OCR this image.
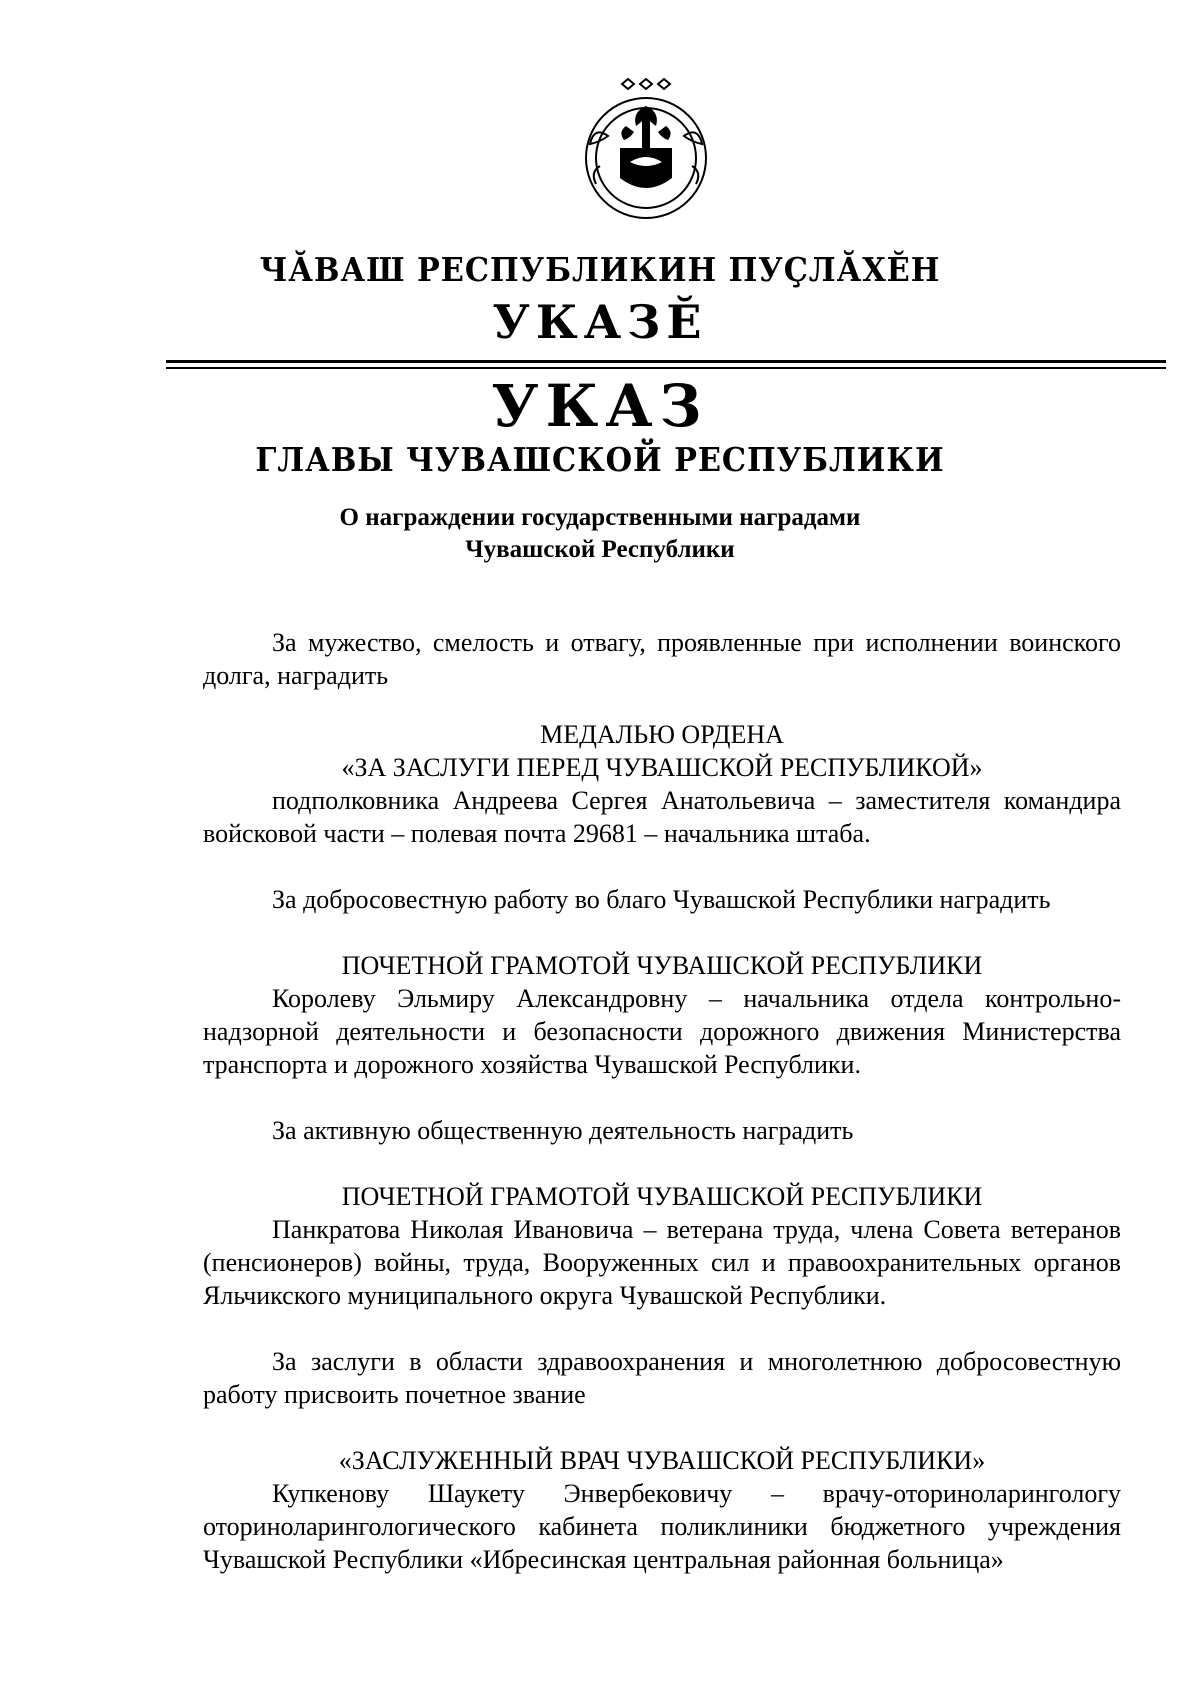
ЧӐВАШ РЕСПУБЛИКИН ПУҪЛӐХӖН
УКАЗӖ
УКАЗ
ГЛАВЫ ЧУВАШСКОЙ РЕСПУБЛИКИ
О награждении государственными наградами
Чувашской Республики

За мужество, смелость и отвагу, проявленные при исполнении воинского долга, наградить

МЕДАЛЬЮ ОРДЕНА

«ЗА ЗАСЛУГИ ПЕРЕД ЧУВАШСКОЙ РЕСПУБЛИКОЙ»

подполковника Андреева Сергея Анатольевича – заместителя командира войсковой части – полевая почта 29681 – начальника штаба.

За добросовестную работу во благо Чувашской Республики наградить

ПОЧЕТНОЙ ГРАМОТОЙ ЧУВАШСКОЙ РЕСПУБЛИКИ

Королеву Эльмиру Александровну – начальника отдела контрольно-надзорной деятельности и безопасности дорожного движения Министерства транспорта и дорожного хозяйства Чувашской Республики.

За активную общественную деятельность наградить

ПОЧЕТНОЙ ГРАМОТОЙ ЧУВАШСКОЙ РЕСПУБЛИКИ

Панкратова Николая Ивановича – ветерана труда, члена Совета ветеранов (пенсионеров) войны, труда, Вооруженных сил и правоохранительных органов Яльчикского муниципального округа Чувашской Республики.

За заслуги в области здравоохранения и многолетнюю добросовестную работу присвоить почетное звание

«ЗАСЛУЖЕННЫЙ ВРАЧ ЧУВАШСКОЙ РЕСПУБЛИКИ»

Купкенову Шаукету Энвербековичу – врачу-оториноларингологу оториноларингологического кабинета поликлиники бюджетного учреждения Чувашской Республики «Ибресинская центральная районная больница»
